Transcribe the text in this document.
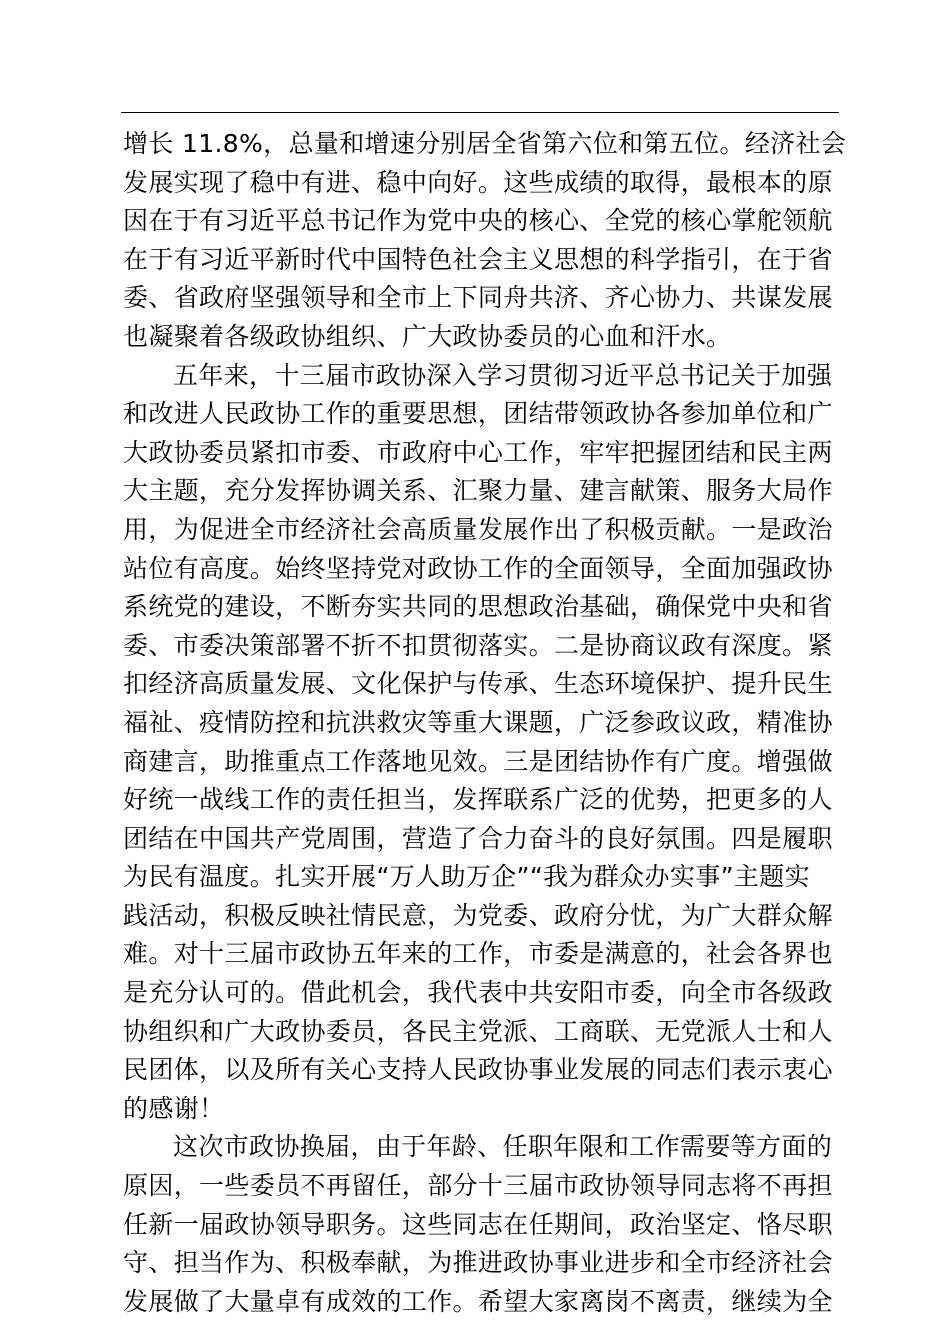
增长 11.8%，总量和增速分别居全省第六位和第五位。经济社会
发展实现了稳中有进、稳中向好。这些成绩的取得，最根本的原
因在于有习近平总书记作为党中央的核心、全党的核心掌舵领航
在于有习近平新时代中国特色社会主义思想的科学指引，在于省
委、省政府坚强领导和全市上下同舟共济、齐心协力、共谋发展
也凝聚着各级政协组织、广大政协委员的心血和汗水。
五年来，十三届市政协深入学习贯彻习近平总书记关于加强
和改进人民政协工作的重要思想，团结带领政协各参加单位和广
大政协委员紧扣市委、市政府中心工作，牢牢把握团结和民主两
大主题，充分发挥协调关系、汇聚力量、建言献策、服务大局作
用，为促进全市经济社会高质量发展作出了积极贡献。一是政治
站位有高度。始终坚持党对政协工作的全面领导，全面加强政协
系统党的建设，不断夯实共同的思想政治基础，确保党中央和省
委、市委决策部署不折不扣贯彻落实。二是协商议政有深度。紧
扣经济高质量发展、文化保护与传承、生态环境保护、提升民生
福祉、疫情防控和抗洪救灾等重大课题，广泛参政议政，精准协
商建言，助推重点工作落地见效。三是团结协作有广度。增强做
好统一战线工作的责任担当，发挥联系广泛的优势，把更多的人
团结在中国共产党周围，营造了合力奋斗的良好氛围。四是履职
为民有温度。扎实开展“万人助万企”“我为群众办实事”主题实
践活动，积极反映社情民意，为党委、政府分忧，为广大群众解
难。对十三届市政协五年来的工作，市委是满意的，社会各界也
是充分认可的。借此机会，我代表中共安阳市委，向全市各级政
协组织和广大政协委员，各民主党派、工商联、无党派人士和人
民团体，以及所有关心支持人民政协事业发展的同志们表示衷心
的感谢！
这次市政协换届，由于年龄、任职年限和工作需要等方面的
原因，一些委员不再留任，部分十三届市政协领导同志将不再担
任新一届政协领导职务。这些同志在任期间，政治坚定、恪尽职
守、担当作为、积极奉献，为推进政协事业进步和全市经济社会
发展做了大量卓有成效的工作。希望大家离岗不离责，继续为全
